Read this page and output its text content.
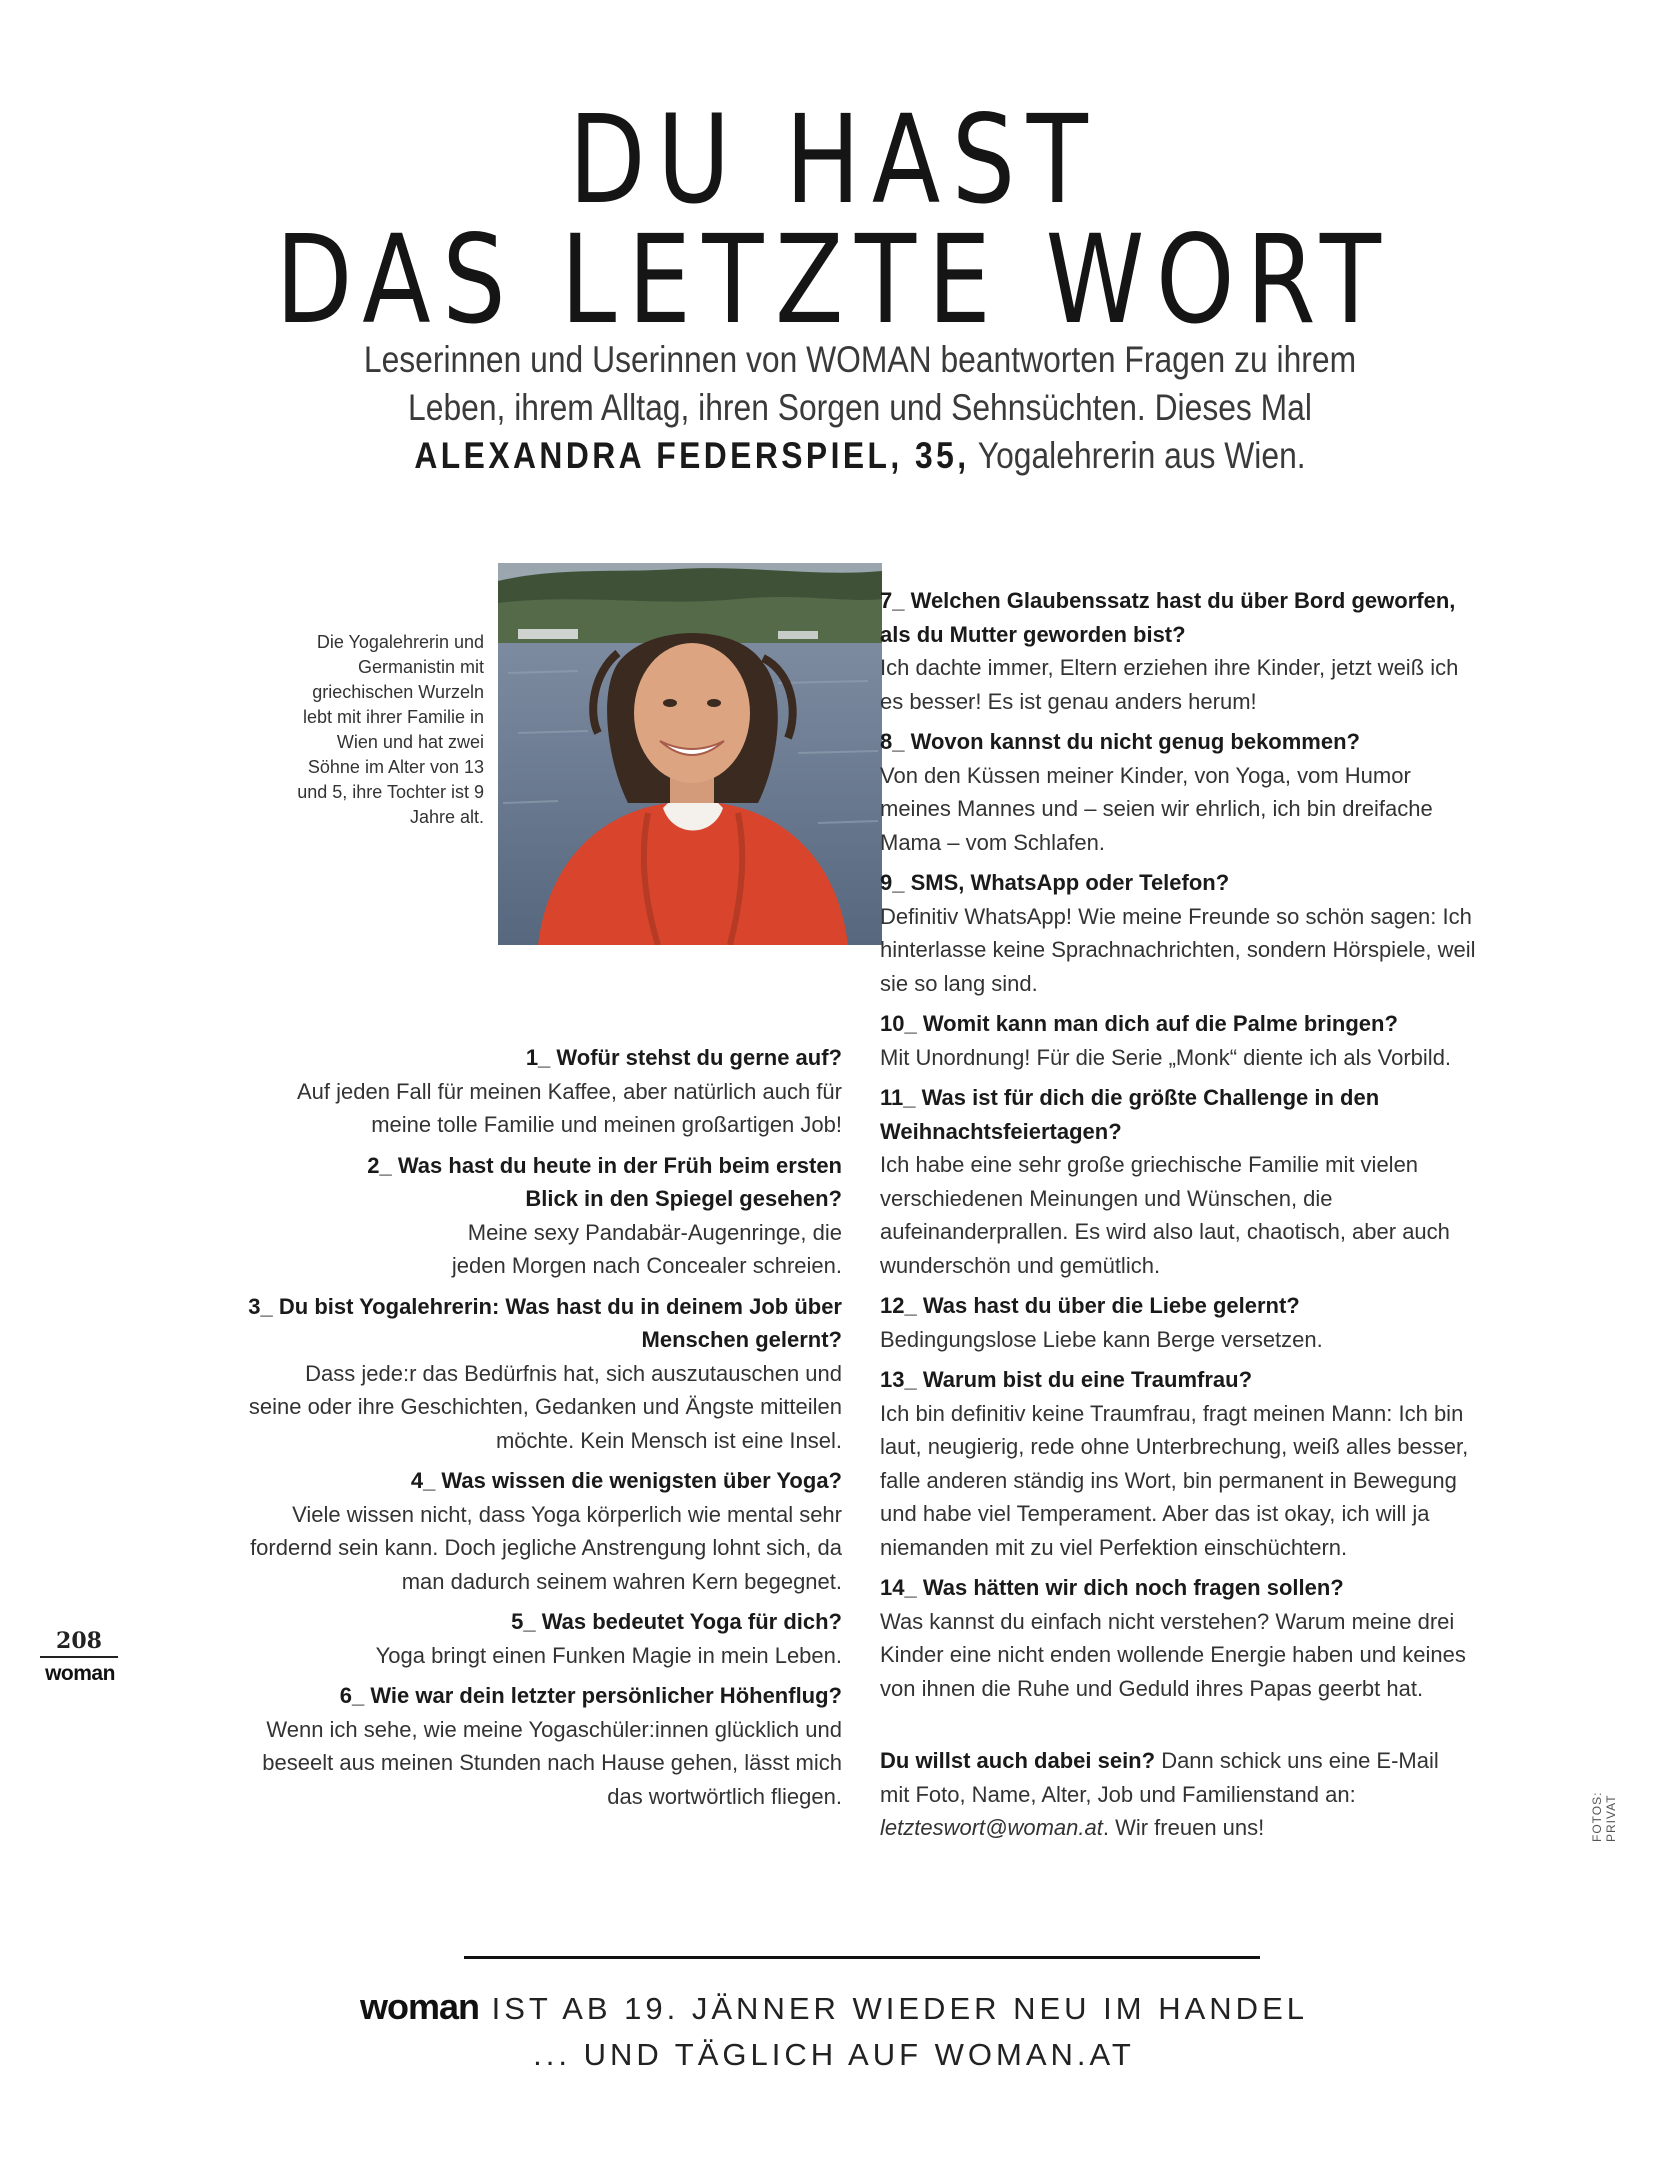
DU HAST
DAS LETZTE WORT

Leserinnen und Userinnen von WOMAN beantworten Fragen zu ihrem Leben, ihrem Alltag, ihren Sorgen und Sehnsüchten. Dieses Mal ALEXANDRA FEDERSPIEL, 35, Yogalehrerin aus Wien.

Die Yogalehrerin und Germanistin mit griechischen Wurzeln lebt mit ihrer Familie in Wien und hat zwei Söhne im Alter von 13 und 5, ihre Tochter ist 9 Jahre alt.

1_ Wofür stehst du gerne auf?
Auf jeden Fall für meinen Kaffee, aber natürlich auch für meine tolle Familie und meinen großartigen Job!
2_ Was hast du heute in der Früh beim ersten Blick in den Spiegel gesehen?
Meine sexy Pandabär-Augenringe, die jeden Morgen nach Concealer schreien.
3_ Du bist Yogalehrerin: Was hast du in deinem Job über Menschen gelernt?
Dass jede:r das Bedürfnis hat, sich auszutauschen und seine oder ihre Geschichten, Gedanken und Ängste mitteilen möchte. Kein Mensch ist eine Insel.
4_ Was wissen die wenigsten über Yoga?
Viele wissen nicht, dass Yoga körperlich wie mental sehr fordernd sein kann. Doch jegliche Anstrengung lohnt sich, da man dadurch seinem wahren Kern begegnet.
5_ Was bedeutet Yoga für dich?
Yoga bringt einen Funken Magie in mein Leben.
6_ Wie war dein letzter persönlicher Höhenflug?
Wenn ich sehe, wie meine Yogaschüler:innen glücklich und beseelt aus meinen Stunden nach Hause gehen, lässt mich das wortwörtlich fliegen.
7_ Welchen Glaubenssatz hast du über Bord geworfen, als du Mutter geworden bist?
Ich dachte immer, Eltern erziehen ihre Kinder, jetzt weiß ich es besser! Es ist genau anders herum!
8_ Wovon kannst du nicht genug bekommen?
Von den Küssen meiner Kinder, von Yoga, vom Humor meines Mannes und – seien wir ehrlich, ich bin dreifache Mama – vom Schlafen.
9_ SMS, WhatsApp oder Telefon?
Definitiv WhatsApp! Wie meine Freunde so schön sagen: Ich hinterlasse keine Sprachnachrichten, sondern Hörspiele, weil sie so lang sind.
10_ Womit kann man dich auf die Palme bringen?
Mit Unordnung! Für die Serie „Monk“ diente ich als Vorbild.
11_ Was ist für dich die größte Challenge in den Weihnachtsfeiertagen?
Ich habe eine sehr große griechische Familie mit vielen verschiedenen Meinungen und Wünschen, die aufeinanderprallen. Es wird also laut, chaotisch, aber auch wunderschön und gemütlich.
12_ Was hast du über die Liebe gelernt?
Bedingungslose Liebe kann Berge versetzen.
13_ Warum bist du eine Traumfrau?
Ich bin definitiv keine Traumfrau, fragt meinen Mann: Ich bin laut, neugierig, rede ohne Unterbrechung, weiß alles besser, falle anderen ständig ins Wort, bin permanent in Bewegung und habe viel Temperament. Aber das ist okay, ich will ja niemanden mit zu viel Perfektion einschüchtern.
14_ Was hätten wir dich noch fragen sollen?
Was kannst du einfach nicht verstehen? Warum meine drei Kinder eine nicht enden wollende Energie haben und keines von ihnen die Ruhe und Geduld ihres Papas geerbt hat.
Du willst auch dabei sein? Dann schick uns eine E-Mail mit Foto, Name, Alter, Job und Familienstand an: letzteswort@woman.at. Wir freuen uns!
208
woman
FOTOS: PRIVAT
woman IST AB 19. JÄNNER WIEDER NEU IM HANDEL
... UND TÄGLICH AUF WOMAN.AT
